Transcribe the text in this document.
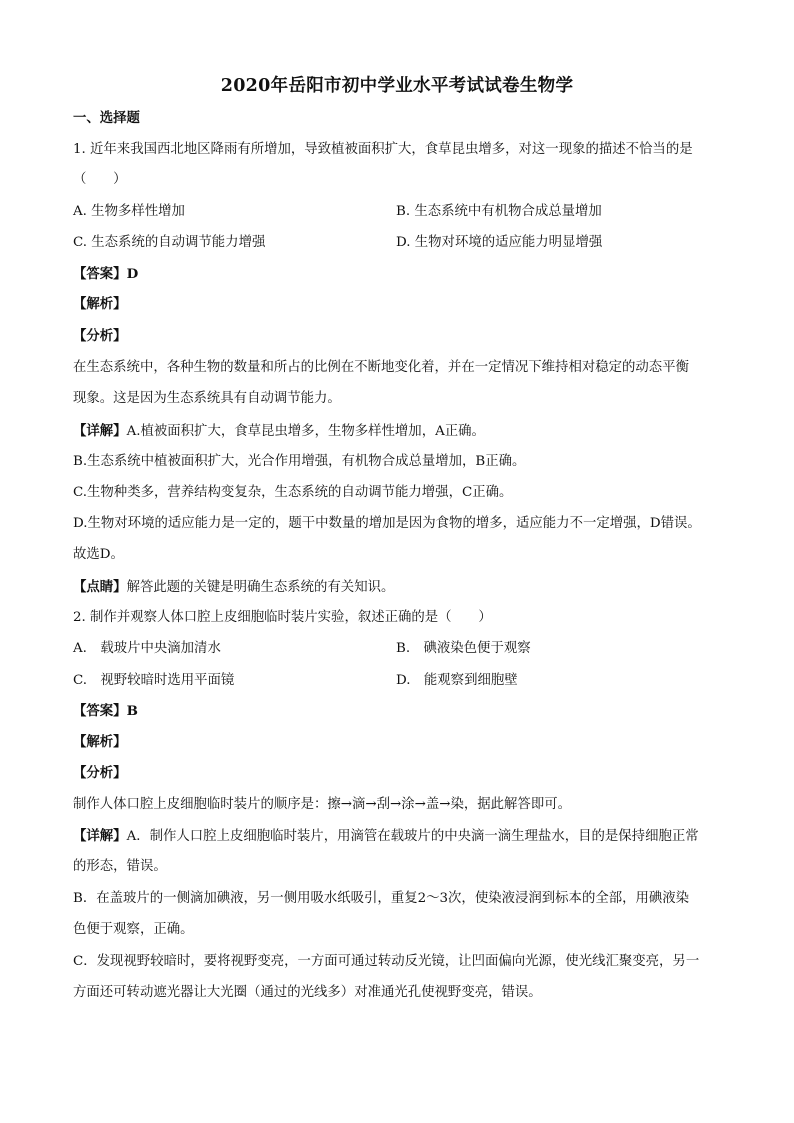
2020年岳阳市初中学业水平考试试卷生物学
一、选择题
1. 近年来我国西北地区降雨有所增加，导致植被面积扩大，食草昆虫增多，对这一现象的描述不恰当的是
（　　）
A. 生物多样性增加	B. 生态系统中有机物合成总量增加
C. 生态系统的自动调节能力增强	D. 生物对环境的适应能力明显增强
【答案】D
【解析】
【分析】
在生态系统中，各种生物的数量和所占的比例在不断地变化着，并在一定情况下维持相对稳定的动态平衡
现象。这是因为生态系统具有自动调节能力。
【详解】A.植被面积扩大，食草昆虫增多，生物多样性增加，A正确。
B.生态系统中植被面积扩大，光合作用增强，有机物合成总量增加，B正确。
C.生物种类多，营养结构变复杂，生态系统的自动调节能力增强，C正确。
D.生物对环境的适应能力是一定的，题干中数量的增加是因为食物的增多，适应能力不一定增强，D错误。
故选D。
【点睛】解答此题的关键是明确生态系统的有关知识。
2. 制作并观察人体口腔上皮细胞临时装片实验，叙述正确的是（　　）
A.　载玻片中央滴加清水	B.　碘液染色便于观察
C.　视野较暗时选用平面镜	D.　能观察到细胞壁
【答案】B
【解析】
【分析】
制作人体口腔上皮细胞临时装片的顺序是：擦→滴→刮→涂→盖→染，据此解答即可。
【详解】A．制作人口腔上皮细胞临时装片，用滴管在载玻片的中央滴一滴生理盐水，目的是保持细胞正常
的形态，错误。
B．在盖玻片的一侧滴加碘液，另一侧用吸水纸吸引，重复2～3次，使染液浸润到标本的全部，用碘液染
色便于观察，正确。
C．发现视野较暗时，要将视野变亮，一方面可通过转动反光镜，让凹面偏向光源，使光线汇聚变亮，另一
方面还可转动遮光器让大光圈（通过的光线多）对准通光孔使视野变亮，错误。
